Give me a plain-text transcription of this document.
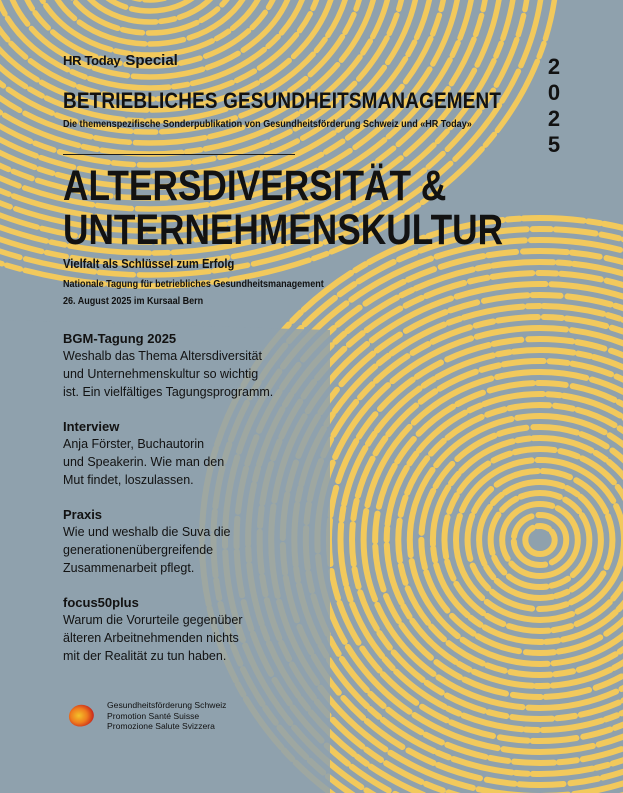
HR Today Special	2
0
2
5
BETRIEBLICHES GESUNDHEITSMANAGEMENT
Die themenspezifische Sonderpublikation von Gesundheitsförderung Schweiz und «HR Today»
ALTERSDIVERSITÄT &
UNTERNEHMENSKULTUR
Vielfalt als Schlüssel zum Erfolg
Nationale Tagung für betriebliches Gesundheitsmanagement
26. August 2025 im Kursaal Bern
BGM-Tagung 2025
Weshalb das Thema Altersdiversität
und Unternehmenskultur so wichtig
ist. Ein vielfältiges Tagungsprogramm.
Interview
Anja Förster, Buchautorin
und Speakerin. Wie man den
Mut findet, loszulassen.
Praxis
Wie und weshalb die Suva die
generationenübergreifende
Zusammenarbeit pflegt.
focus50plus
Warum die Vorurteile gegenüber
älteren Arbeitnehmenden nichts
mit der Realität zu tun haben.
Gesundheitsförderung Schweiz
Promotion Santé Suisse
Promozione Salute Svizzera
